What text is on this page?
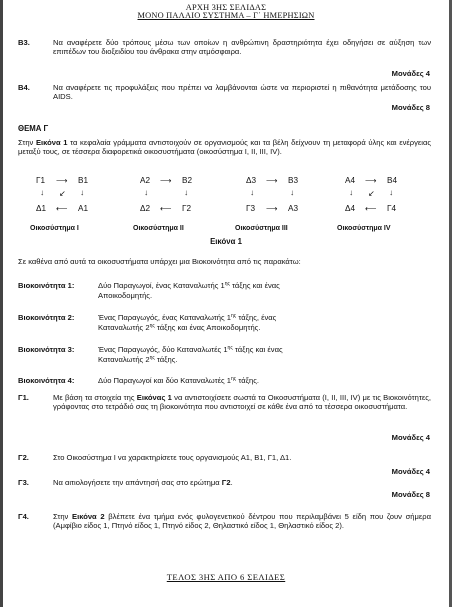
ΑΡΧΗ 3ΗΣ ΣΕΛΙΔΑΣ
ΜΟΝΟ ΠΑΛΑΙΟ ΣΥΣΤΗΜΑ – Γ΄ ΗΜΕΡΗΣΙΩΝ
Β3.	Να αναφέρετε δύο τρόπους μέσω των οποίων η ανθρώπινη δραστηριότητα έχει οδηγήσει σε αύξηση των επιπέδων του διοξειδίου του άνθρακα στην ατμόσφαιρα.
Μονάδες 4
Β4.	Να αναφέρετε τις προφυλάξεις που πρέπει να λαμβάνονται ώστε να περιοριστεί η πιθανότητα μετάδοσης του AIDS.
Μονάδες 8
ΘΕΜΑ Γ
Στην Εικόνα 1 τα κεφαλαία γράμματα αντιστοιχούν σε οργανισμούς και τα βέλη δείχνουν τη μεταφορά ύλης και ενέργειας μεταξύ τους, σε τέσσερα διαφορετικά οικοσυστήματα (οικοσύστημα I, II, III, IV).
Γ1 ⟶ Β1
↓ ↙ ↓
Δ1 ⟵ Α1
Α2 ⟶ Β2
↓	↓
Δ2 ⟵ Γ2
Δ3 ⟶ Β3
↓	↓
Γ3 ⟶ Α3
Α4 ⟶ Β4
↓ ↙ ↓
Δ4 ⟵ Γ4
Οικοσύστημα I	Οικοσύστημα II	Οικοσύστημα III	Οικοσύστημα IV
Εικόνα 1
Σε καθένα από αυτά τα οικοσυστήματα υπάρχει μια Βιοκοινότητα από τις παρακάτω:
Βιοκοινότητα 1:	Δύο Παραγωγοί, ένας Καταναλωτής $1^{\eta\varsigma}$ τάξης και ένας
Αποικοδομητής.
Βιοκοινότητα 2:	Ένας Παραγωγός, ένας Καταναλωτής $1^{\eta\varsigma}$ τάξης, ένας
Καταναλωτής $2^{\eta\varsigma}$ τάξης και ένας Αποικοδομητής.
Βιοκοινότητα 3:	Ένας Παραγωγός, δύο Καταναλωτές $1^{\eta\varsigma}$ τάξης και ένας
Καταναλωτής $2^{\eta\varsigma}$ τάξης.
Βιοκοινότητα 4:	Δύο Παραγωγοί και δύο Καταναλωτές $1^{\eta\varsigma}$ τάξης.
Γ1.	Με βάση τα στοιχεία της Εικόνας 1 να αντιστοιχίσετε σωστά τα Οικοσυστήματα (I, II, III, IV) με τις Βιοκοινότητες, γράφοντας στο τετράδιό σας τη βιοκοινότητα που αντιστοιχεί σε κάθε ένα από τα τέσσερα οικοσυστήματα.
Μονάδες 4
Γ2.	Στο Οικοσύστημα I να χαρακτηρίσετε τους οργανισμούς Α1, Β1, Γ1, Δ1.
Μονάδες 4
Γ3.	Να αιτιολογήσετε την απάντησή σας στο ερώτημα Γ2.
Μονάδες 8
Γ4.	Στην Εικόνα 2 βλέπετε ένα τμήμα ενός φυλογενετικού δέντρου που περιλαμβάνει 5 είδη που ζουν σήμερα (Αμφίβιο είδος 1, Πτηνό είδος 1, Πτηνό είδος 2, Θηλαστικό είδος 1, Θηλαστικό είδος 2).
ΤΕΛΟΣ 3ΗΣ ΑΠΟ 6 ΣΕΛΙΔΕΣ
